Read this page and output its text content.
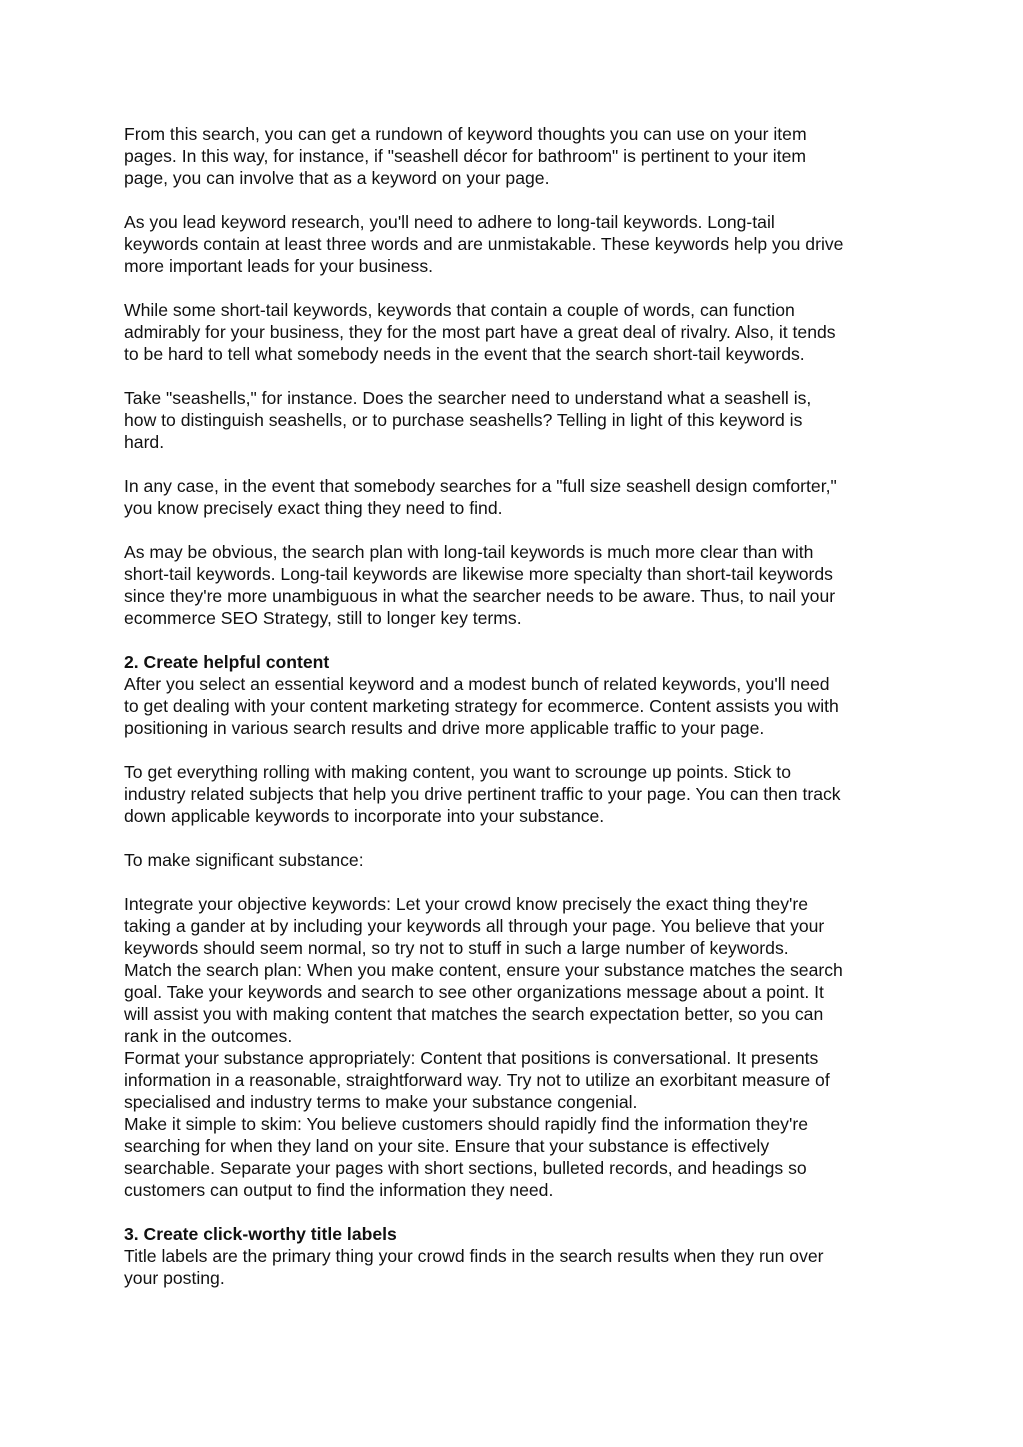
From this search, you can get a rundown of keyword thoughts you can use on your item
pages. In this way, for instance, if "seashell décor for bathroom" is pertinent to your item
page, you can involve that as a keyword on your page.
As you lead keyword research, you'll need to adhere to long-tail keywords. Long-tail
keywords contain at least three words and are unmistakable. These keywords help you drive
more important leads for your business.
While some short-tail keywords, keywords that contain a couple of words, can function
admirably for your business, they for the most part have a great deal of rivalry. Also, it tends
to be hard to tell what somebody needs in the event that the search short-tail keywords.
Take "seashells," for instance. Does the searcher need to understand what a seashell is,
how to distinguish seashells, or to purchase seashells? Telling in light of this keyword is
hard.
In any case, in the event that somebody searches for a "full size seashell design comforter,"
you know precisely exact thing they need to find.
As may be obvious, the search plan with long-tail keywords is much more clear than with
short-tail keywords. Long-tail keywords are likewise more specialty than short-tail keywords
since they're more unambiguous in what the searcher needs to be aware. Thus, to nail your
ecommerce SEO Strategy, still to longer key terms.
2. Create helpful content
After you select an essential keyword and a modest bunch of related keywords, you'll need
to get dealing with your content marketing strategy for ecommerce. Content assists you with
positioning in various search results and drive more applicable traffic to your page.
To get everything rolling with making content, you want to scrounge up points. Stick to
industry related subjects that help you drive pertinent traffic to your page. You can then track
down applicable keywords to incorporate into your substance.
To make significant substance:
Integrate your objective keywords: Let your crowd know precisely the exact thing they're
taking a gander at by including your keywords all through your page. You believe that your
keywords should seem normal, so try not to stuff in such a large number of keywords.
Match the search plan: When you make content, ensure your substance matches the search
goal. Take your keywords and search to see other organizations message about a point. It
will assist you with making content that matches the search expectation better, so you can
rank in the outcomes.
Format your substance appropriately: Content that positions is conversational. It presents
information in a reasonable, straightforward way. Try not to utilize an exorbitant measure of
specialised and industry terms to make your substance congenial.
Make it simple to skim: You believe customers should rapidly find the information they're
searching for when they land on your site. Ensure that your substance is effectively
searchable. Separate your pages with short sections, bulleted records, and headings so
customers can output to find the information they need.
3. Create click-worthy title labels
Title labels are the primary thing your crowd finds in the search results when they run over
your posting.
